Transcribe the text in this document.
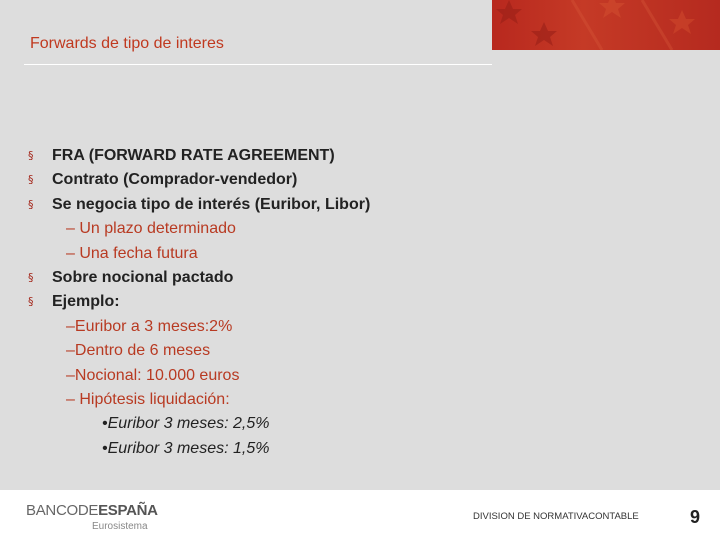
Forwards de tipo de interes
§ FRA (FORWARD RATE AGREEMENT)
§ Contrato (Comprador-vendedor)
§ Se negocia tipo de interés (Euribor, Libor)
– Un plazo determinado
– Una fecha futura
§ Sobre nocional pactado
§ Ejemplo:
–Euribor a 3 meses:2%
–Dentro de 6 meses
–Nocional: 10.000 euros
– Hipótesis liquidación:
•Euribor 3 meses: 2,5%
•Euribor 3 meses: 1,5%
BANCODEESPAÑA
Eurosistema
DIVISION DE NORMATIVACONTABLE	9
